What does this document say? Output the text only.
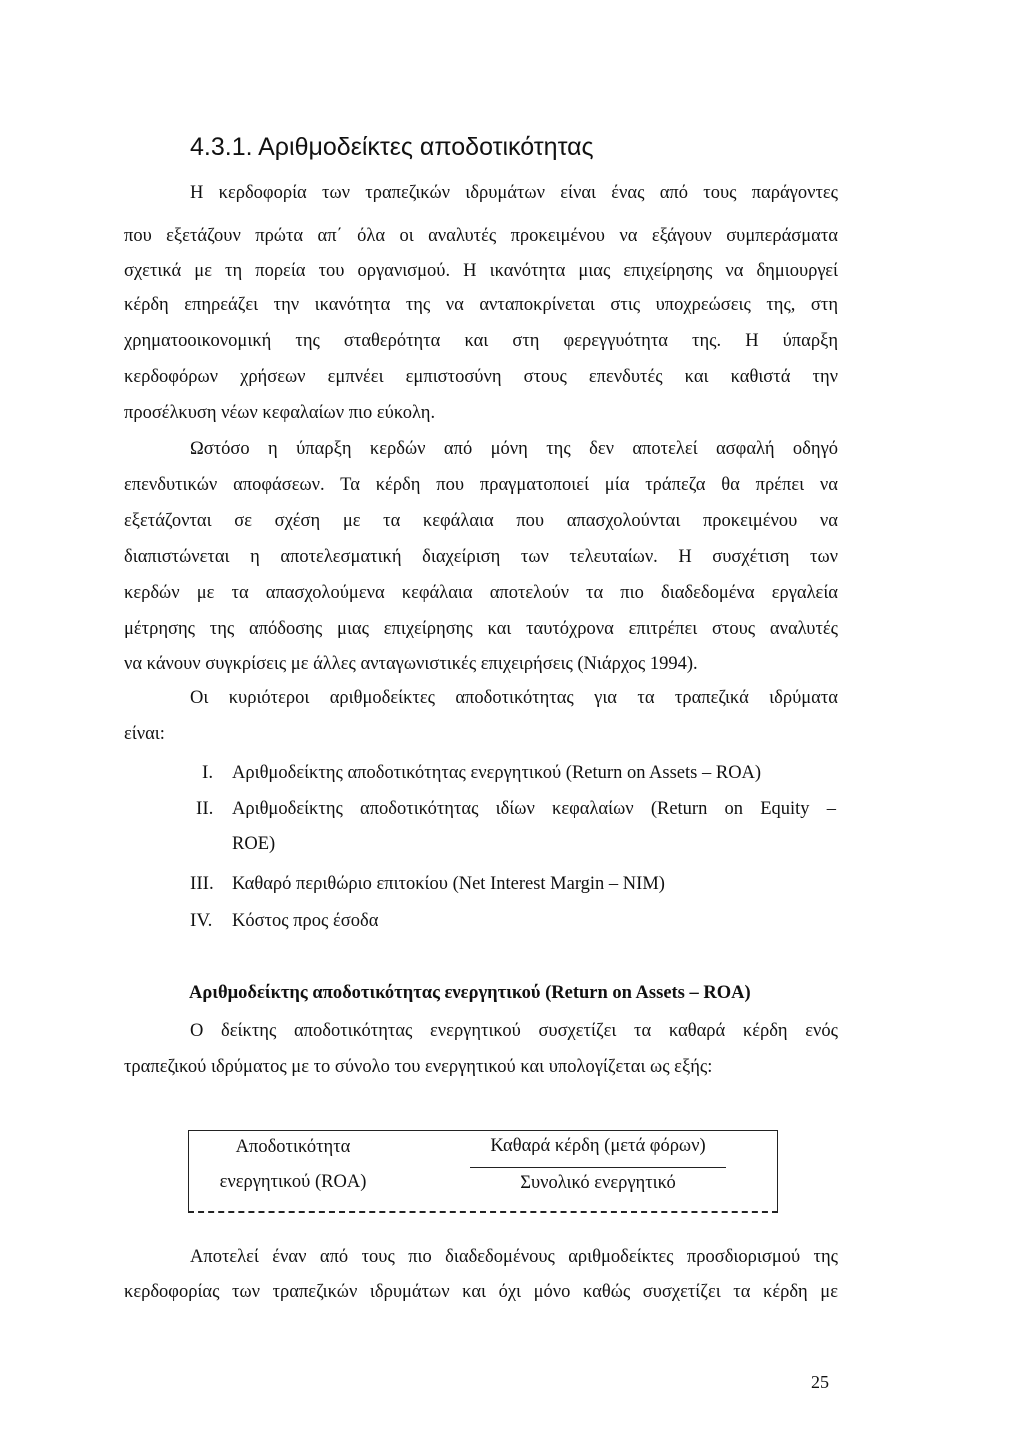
4.3.1. Αριθμοδείκτες αποδοτικότητας
Η κερδοφορία των τραπεζικών ιδρυμάτων είναι ένας από τους παράγοντες
που εξετάζουν πρώτα απ΄ όλα οι αναλυτές προκειμένου να εξάγουν συμπεράσματα
σχετικά με τη πορεία του οργανισμού. Η ικανότητα μιας επιχείρησης να δημιουργεί
κέρδη επηρεάζει την ικανότητα της να ανταποκρίνεται στις υποχρεώσεις της, στη
χρηματοοικονομική της σταθερότητα και στη φερεγγυότητα της. Η ύπαρξη
κερδοφόρων χρήσεων εμπνέει εμπιστοσύνη στους επενδυτές και καθιστά την
προσέλκυση νέων κεφαλαίων πιο εύκολη.
Ωστόσο η ύπαρξη κερδών από μόνη της δεν αποτελεί ασφαλή οδηγό
επενδυτικών αποφάσεων. Τα κέρδη που πραγματοποιεί μία τράπεζα θα πρέπει να
εξετάζονται σε σχέση με τα κεφάλαια που απασχολούνται προκειμένου να
διαπιστώνεται η αποτελεσματική διαχείριση των τελευταίων. Η συσχέτιση των
κερδών με τα απασχολούμενα κεφάλαια αποτελούν τα πιο διαδεδομένα εργαλεία
μέτρησης της απόδοσης μιας επιχείρησης και ταυτόχρονα επιτρέπει στους αναλυτές
να κάνουν συγκρίσεις με άλλες ανταγωνιστικές επιχειρήσεις (Νιάρχος 1994).
Οι κυριότεροι αριθμοδείκτες αποδοτικότητας για τα τραπεζικά ιδρύματα
είναι:
I. Αριθμοδείκτης αποδοτικότητας ενεργητικού (Return on Assets – ROA)
II. Αριθμοδείκτης αποδοτικότητας ιδίων κεφαλαίων (Return on Equity –
ROE)
III. Καθαρό περιθώριο επιτοκίου (Net Interest Margin – NIM)
IV. Κόστος προς έσοδα
Αριθμοδείκτης αποδοτικότητας ενεργητικού (Return on Assets – ROA)
Ο δείκτης αποδοτικότητας ενεργητικού συσχετίζει τα καθαρά κέρδη ενός
τραπεζικού ιδρύματος με το σύνολο του ενεργητικού και υπολογίζεται ως εξής:
Αποδοτικότητα
ενεργητικού (ROA)
Καθαρά κέρδη (μετά φόρων)
Συνολικό ενεργητικό
Αποτελεί έναν από τους πιο διαδεδομένους αριθμοδείκτες προσδιορισμού της
κερδοφορίας των τραπεζικών ιδρυμάτων και όχι μόνο καθώς συσχετίζει τα κέρδη με
25
